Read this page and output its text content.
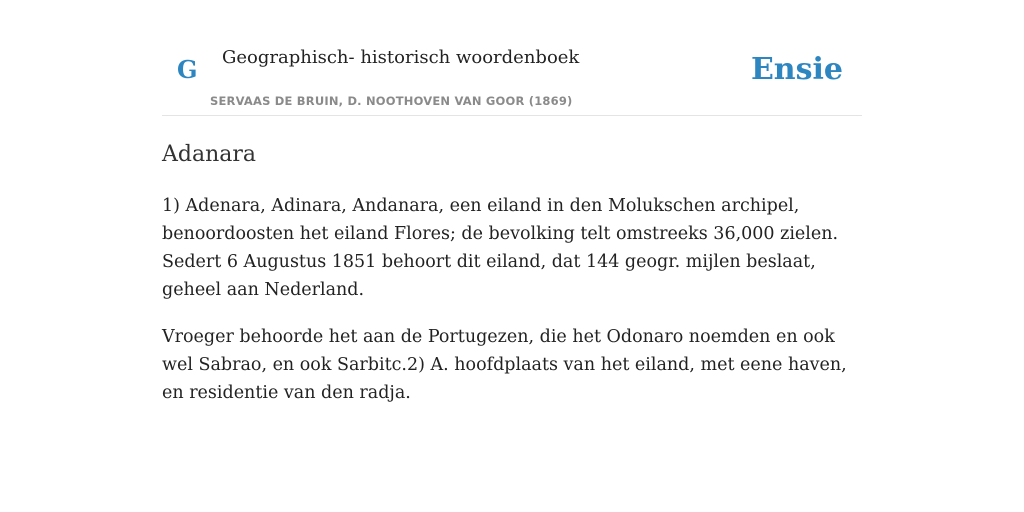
G Geographisch- historisch woordenboek
SERVAAS DE BRUIN, D. NOOTHOVEN VAN GOOR (1869)
Ensie
Adanara

1) Adenara, Adinara, Andanara, een eiland in den Molukschen archipel, benoordoosten het eiland Flores; de bevolking telt omstreeks 36,000 zielen. Sedert 6 Augustus 1851 behoort dit eiland, dat 144 geogr. mijlen beslaat, geheel aan Nederland.

Vroeger behoorde het aan de Portugezen, die het Odonaro noemden en ook wel Sabrao, en ook Sarbitc.2) A. hoofdplaats van het eiland, met eene haven, en residentie van den radja.
